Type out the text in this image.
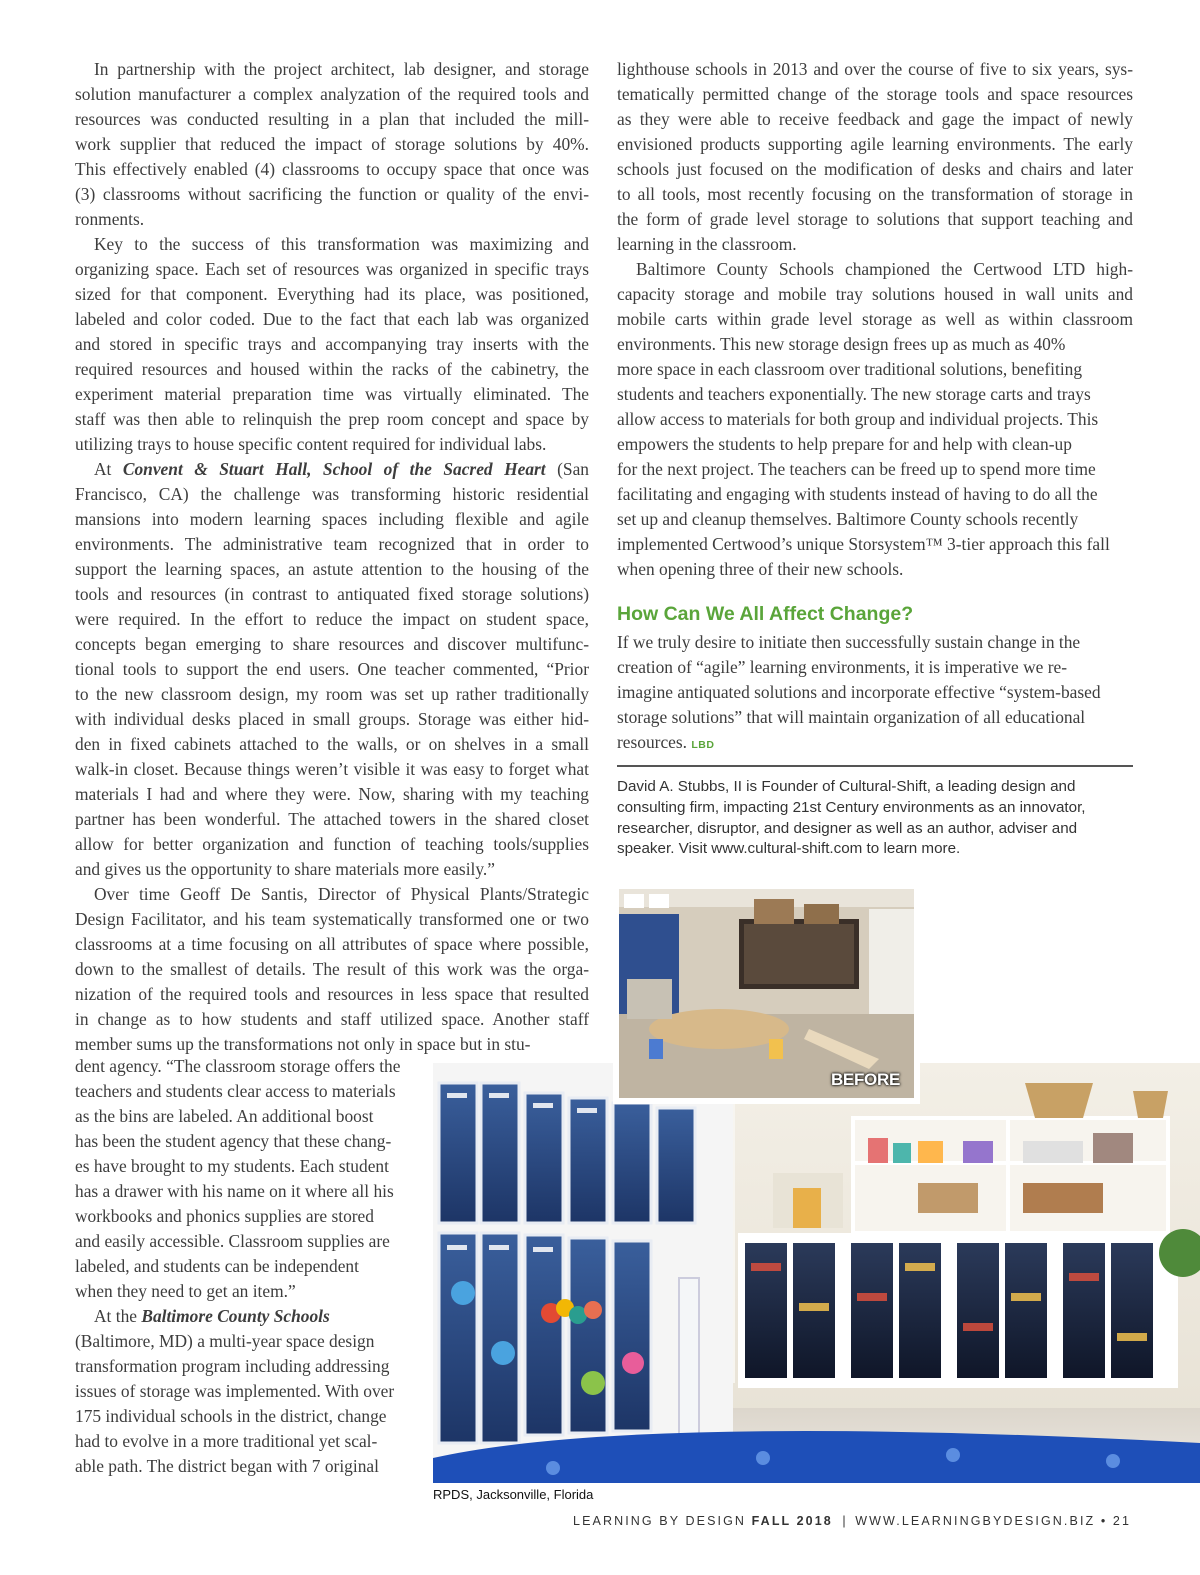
In partnership with the project architect, lab designer, and storage
solution manufacturer a complex analyzation of the required tools and
resources was conducted resulting in a plan that included the mill-
work supplier that reduced the impact of storage solutions by 40%.
This effectively enabled (4) classrooms to occupy space that once was
(3) classrooms without sacrificing the function or quality of the envi-
ronments.
Key to the success of this transformation was maximizing and
organizing space. Each set of resources was organized in specific trays
sized for that component. Everything had its place, was positioned,
labeled and color coded. Due to the fact that each lab was organized
and stored in specific trays and accompanying tray inserts with the
required resources and housed within the racks of the cabinetry, the
experiment material preparation time was virtually eliminated. The
staff was then able to relinquish the prep room concept and space by
utilizing trays to house specific content required for individual labs.
At Convent & Stuart Hall, School of the Sacred Heart (San
Francisco, CA) the challenge was transforming historic residential
mansions into modern learning spaces including flexible and agile
environments. The administrative team recognized that in order to
support the learning spaces, an astute attention to the housing of the
tools and resources (in contrast to antiquated fixed storage solutions)
were required. In the effort to reduce the impact on student space,
concepts began emerging to share resources and discover multifunc-
tional tools to support the end users. One teacher commented, “Prior
to the new classroom design, my room was set up rather traditionally
with individual desks placed in small groups. Storage was either hid-
den in fixed cabinets attached to the walls, or on shelves in a small
walk-in closet. Because things weren’t visible it was easy to forget what
materials I had and where they were. Now, sharing with my teaching
partner has been wonderful. The attached towers in the shared closet
allow for better organization and function of teaching tools/supplies
and gives us the opportunity to share materials more easily.”
Over time Geoff De Santis, Director of Physical Plants/Strategic
Design Facilitator, and his team systematically transformed one or two
classrooms at a time focusing on all attributes of space where possible,
down to the smallest of details. The result of this work was the orga-
nization of the required tools and resources in less space that resulted
in change as to how students and staff utilized space. Another staff
member sums up the transformations not only in space but in stu-
dent agency. “The classroom storage offers the
teachers and students clear access to materials
as the bins are labeled. An additional boost
has been the student agency that these chang-
es have brought to my students. Each student
has a drawer with his name on it where all his
workbooks and phonics supplies are stored
and easily accessible. Classroom supplies are
labeled, and students can be independent
when they need to get an item.”
At the Baltimore County Schools
(Baltimore, MD) a multi-year space design
transformation program including addressing
issues of storage was implemented. With over
175 individual schools in the district, change
had to evolve in a more traditional yet scal-
able path. The district began with 7 original
lighthouse schools in 2013 and over the course of five to six years, sys-
tematically permitted change of the storage tools and space resources
as they were able to receive feedback and gage the impact of newly
envisioned products supporting agile learning environments. The early
schools just focused on the modification of desks and chairs and later
to all tools, most recently focusing on the transformation of storage in
the form of grade level storage to solutions that support teaching and
learning in the classroom.
Baltimore County Schools championed the Certwood LTD high-
capacity storage and mobile tray solutions housed in wall units and
mobile carts within grade level storage as well as within classroom
environments. This new storage design frees up as much as 40%
more space in each classroom over traditional solutions, benefiting
students and teachers exponentially. The new storage carts and trays
allow access to materials for both group and individual projects. This
empowers the students to help prepare for and help with clean-up
for the next project. The teachers can be freed up to spend more time
facilitating and engaging with students instead of having to do all the
set up and cleanup themselves. Baltimore County schools recently
implemented Certwood’s unique Storsystem™ 3-tier approach this fall
when opening three of their new schools.
How Can We All Affect Change?
If we truly desire to initiate then successfully sustain change in the
creation of “agile” learning environments, it is imperative we re-
imagine antiquated solutions and incorporate effective “system-based
storage solutions” that will maintain organization of all educational
resources. LBD

David A. Stubbs, II is Founder of Cultural-Shift, a leading design and
consulting firm, impacting 21st Century environments as an innovator,
researcher, disruptor, and designer as well as an author, adviser and
speaker. Visit www.cultural-shift.com to learn more.

BEFORE

RPDS, Jacksonville, Florida

LEARNING BY DESIGN FALL 2018 | WWW.LEARNINGBYDESIGN.BIZ • 21
